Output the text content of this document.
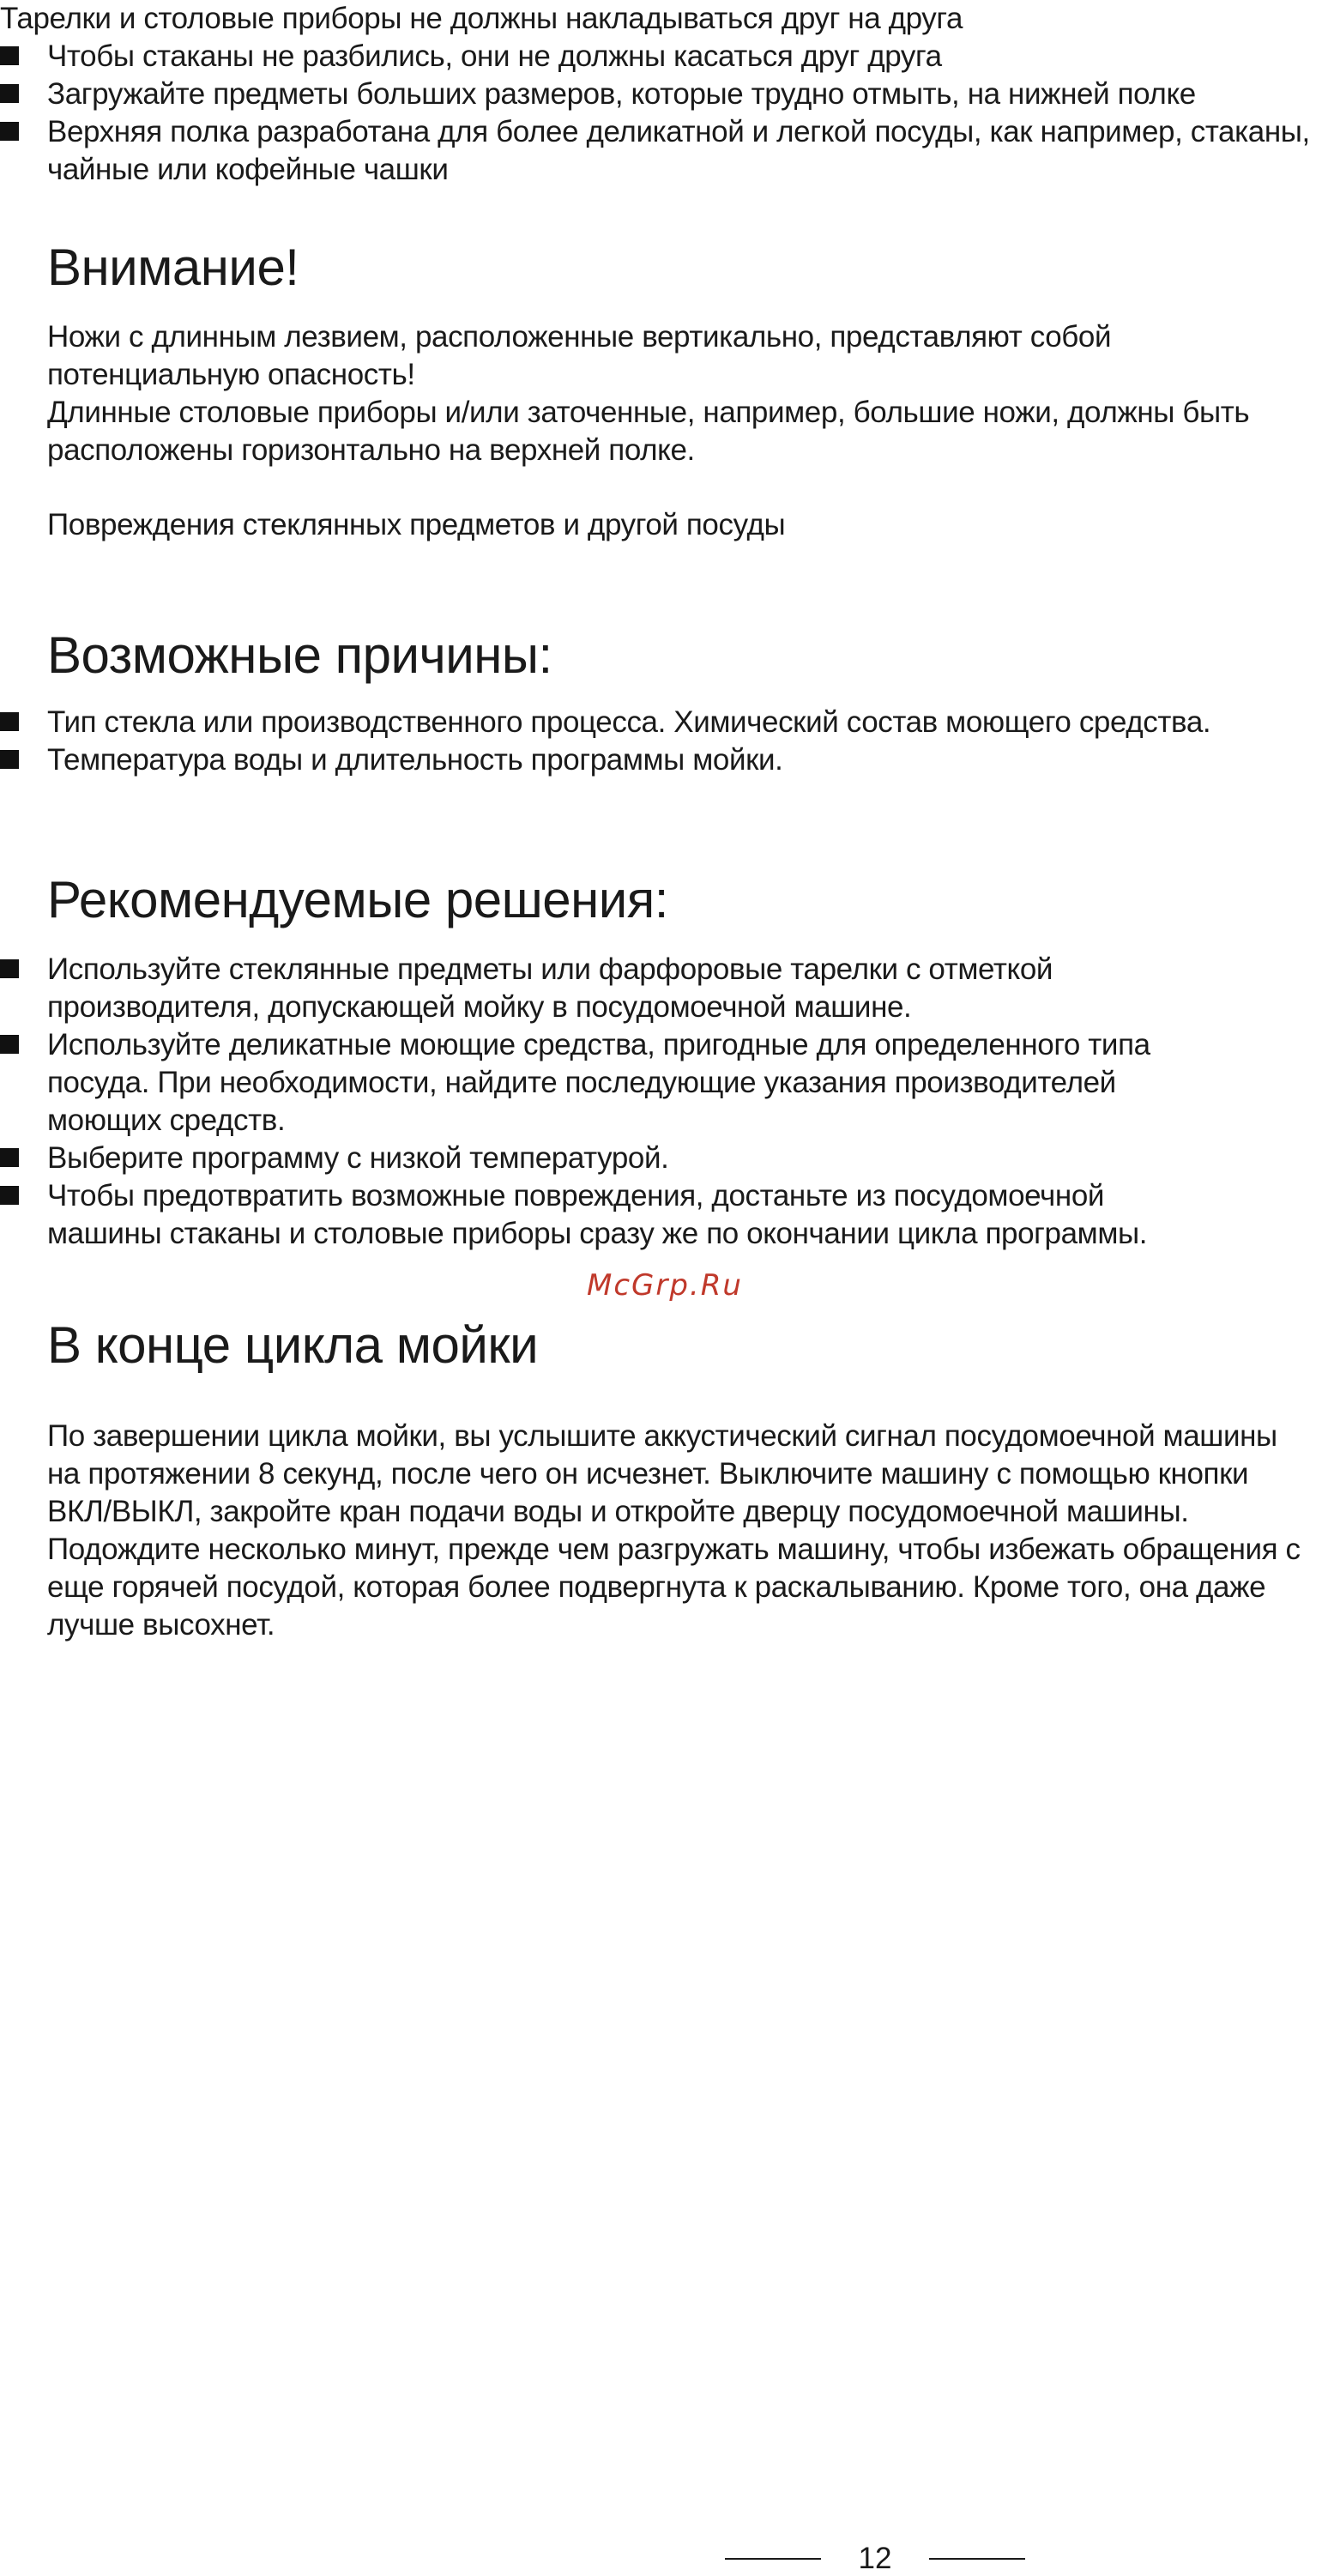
Тарелки и столовые приборы не должны накладываться друг на друга

Чтобы стаканы не разбились, они не должны касаться друг друга
Загружайте предметы больших размеров, которые трудно отмыть, на нижней полке
Верхняя полка разработана для более деликатной и легкой посуды, как например, стаканы, чайные или кофейные чашки
Внимание!

Ножи с длинным лезвием, расположенные вертикально, представляют собой потенциальную опасность!

Длинные столовые приборы и/или заточенные, например, большие ножи, должны быть расположены горизонтально на верхней полке.

Повреждения стеклянных предметов и другой посуды

Возможные причины:
Тип стекла или производственного процесса. Химический состав моющего средства.
Температура воды и длительность программы мойки.
Рекомендуемые решения:
Используйте стеклянные предметы или фарфоровые тарелки с отметкой производителя, допускающей мойку в посудомоечной машине.
Используйте деликатные моющие средства, пригодные для определенного типа посуда. При необходимости, найдите последующие указания производителей моющих средств.
Выберите программу с низкой температурой.
Чтобы предотвратить возможные повреждения, достаньте из посудомоечной машины стаканы и столовые приборы сразу же по окончании цикла программы.
McGrp.Ru
В конце цикла мойки

По завершении цикла мойки, вы услышите аккустический сигнал посудомоечной машины на протяжении 8 секунд, после чего он исчезнет. Выключите машину с помощью кнопки ВКЛ/ВЫКЛ, закройте кран подачи воды и откройте дверцу посудомоечной машины. Подождите несколько минут, прежде чем разгружать машину, чтобы избежать обращения с еще горячей посудой, которая более подвергнута к раскалыванию. Кроме того, она даже лучше высохнет.

12
